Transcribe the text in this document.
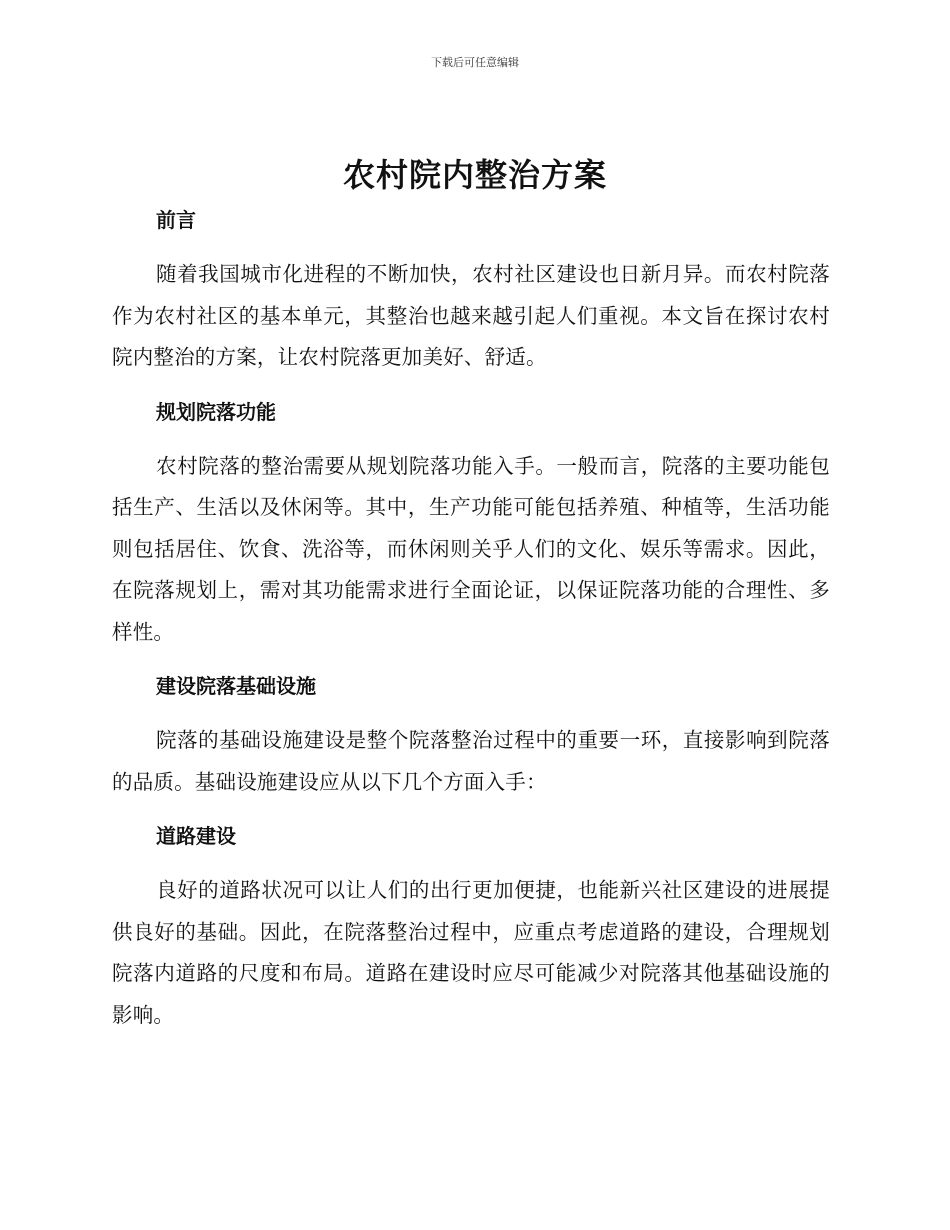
下载后可任意编辑
农村院内整治方案
前言

随着我国城市化进程的不断加快，农村社区建设也日新月异。而农村院落作为农村社区的基本单元，其整治也越来越引起人们重视。本文旨在探讨农村院内整治的方案，让农村院落更加美好、舒适。

规划院落功能

农村院落的整治需要从规划院落功能入手。一般而言，院落的主要功能包括生产、生活以及休闲等。其中，生产功能可能包括养殖、种植等，生活功能则包括居住、饮食、洗浴等，而休闲则关乎人们的文化、娱乐等需求。因此，在院落规划上，需对其功能需求进行全面论证，以保证院落功能的合理性、多样性。

建设院落基础设施

院落的基础设施建设是整个院落整治过程中的重要一环，直接影响到院落的品质。基础设施建设应从以下几个方面入手：

道路建设

良好的道路状况可以让人们的出行更加便捷，也能新兴社区建设的进展提供良好的基础。因此，在院落整治过程中，应重点考虑道路的建设，合理规划院落内道路的尺度和布局。道路在建设时应尽可能减少对院落其他基础设施的影响。
